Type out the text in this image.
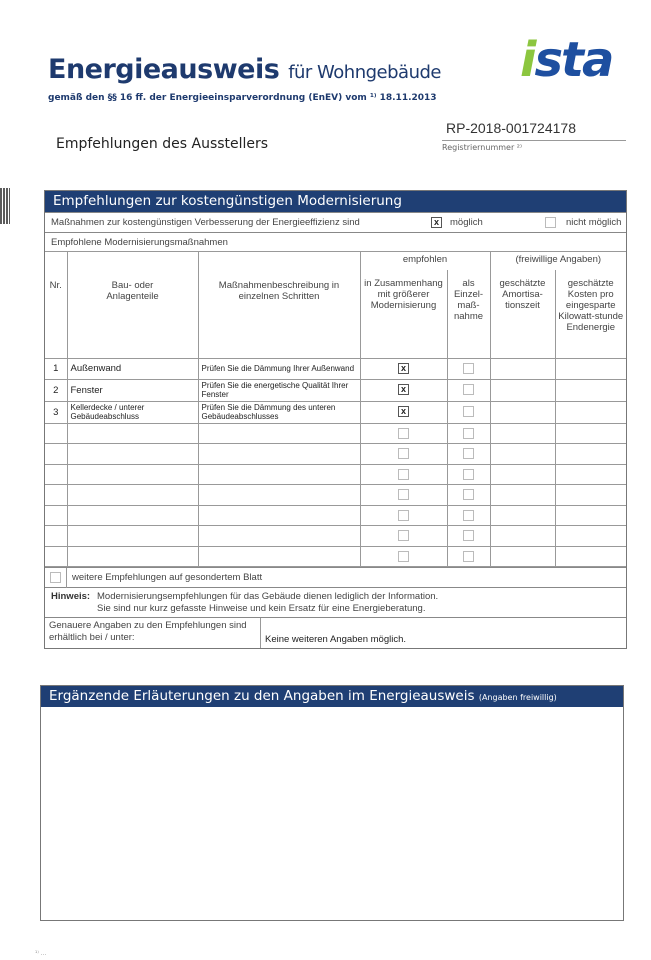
Energieausweis für Wohngebäude
gemäß den §§ 16 ff. der Energieeinsparverordnung (EnEV) vom ¹⁾ 18.11.2013
ista
Empfehlungen des Ausstellers
RP-2018-001724178
Registriernummer ²⁾
Empfehlungen zur kostengünstigen Modernisierung
Maßnahmen zur kostengünstigen Verbesserung der Energieeffizienz sind	x	möglich	nicht möglich
Empfohlene Modernisierungsmaßnahmen
Nr.	Bau- oder Anlagenteile	Maßnahmenbeschreibung in einzelnen Schritten	empfohlen		(freiwillige Angaben)	
			in Zusammenhang mit größerer Modernisierung	als Einzel-maß-nahme	geschätzte Amortisa-tionszeit	geschätzte Kosten pro eingesparte Kilowatt-stunde Endenergie
1	Außenwand	Prüfen Sie die Dämmung Ihrer Außenwand	x			
2	Fenster	Prüfen Sie die energetische Qualität Ihrer Fenster	x			
3	Kellerdecke / unterer Gebäudeabschluss	Prüfen Sie die Dämmung des unteren Gebäudeabschlusses	x			

weitere Empfehlungen auf gesondertem Blatt
Hinweis: Modernisierungsempfehlungen für das Gebäude dienen lediglich der Information.
Sie sind nur kurz gefasste Hinweise und kein Ersatz für eine Energieberatung.
Genauere Angaben zu den Empfehlungen sind erhältlich bei / unter:	Keine weiteren Angaben möglich.
Ergänzende Erläuterungen zu den Angaben im Energieausweis (Angaben freiwillig)
¹⁾ ...
